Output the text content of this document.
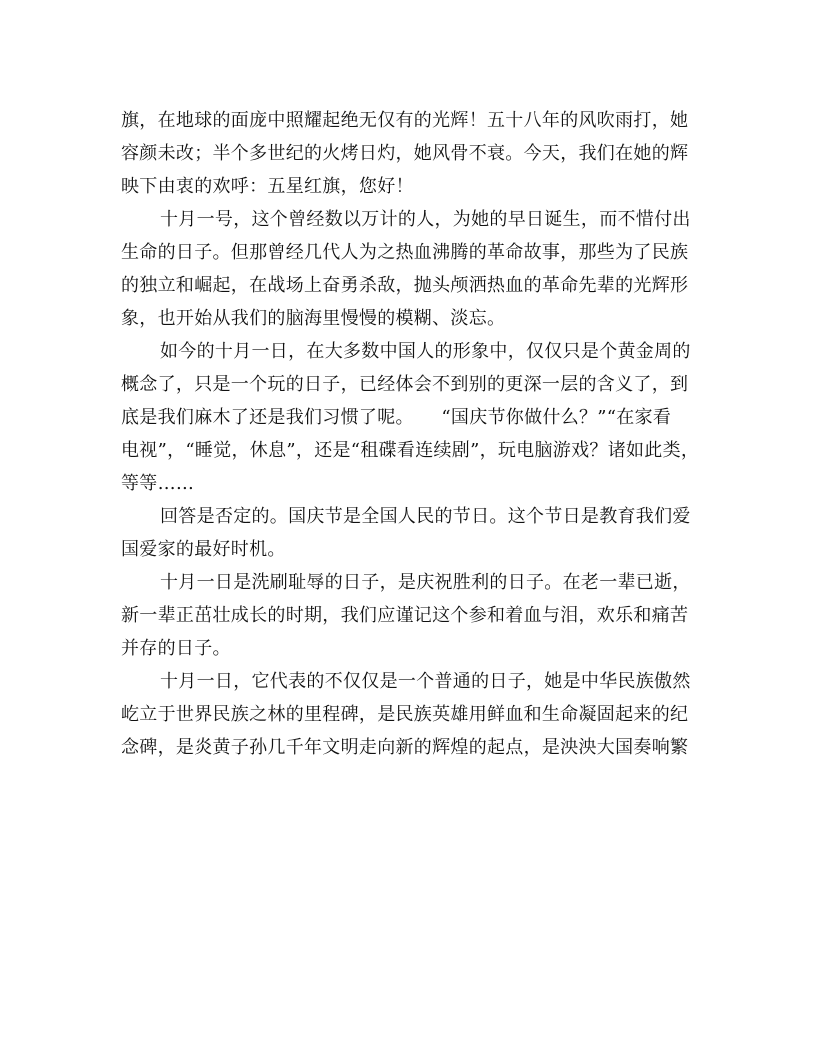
旗，在地球的面庞中照耀起绝无仅有的光辉！五十八年的风吹雨打，她
容颜未改；半个多世纪的火烤日灼，她风骨不衰。今天，我们在她的辉
映下由衷的欢呼：五星红旗，您好！
十月一号，这个曾经数以万计的人，为她的早日诞生，而不惜付出
生命的日子。但那曾经几代人为之热血沸腾的革命故事，那些为了民族
的独立和崛起，在战场上奋勇杀敌，抛头颅洒热血的革命先辈的光辉形
象，也开始从我们的脑海里慢慢的模糊、淡忘。
如今的十月一日，在大多数中国人的形象中，仅仅只是个黄金周的
概念了，只是一个玩的日子，已经体会不到别的更深一层的含义了，到
底是我们麻木了还是我们习惯了呢。　　“国庆节你做什么？”“在家看
电视”，“睡觉，休息”，还是“租碟看连续剧”，玩电脑游戏？诸如此类，
等等……
回答是否定的。国庆节是全国人民的节日。这个节日是教育我们爱
国爱家的最好时机。
十月一日是洗刷耻辱的日子，是庆祝胜利的日子。在老一辈已逝，
新一辈正茁壮成长的时期，我们应谨记这个参和着血与泪，欢乐和痛苦
并存的日子。
十月一日，它代表的不仅仅是一个普通的日子，她是中华民族傲然
屹立于世界民族之林的里程碑，是民族英雄用鲜血和生命凝固起来的纪
念碑，是炎黄子孙几千年文明走向新的辉煌的起点，是泱泱大国奏响繁
